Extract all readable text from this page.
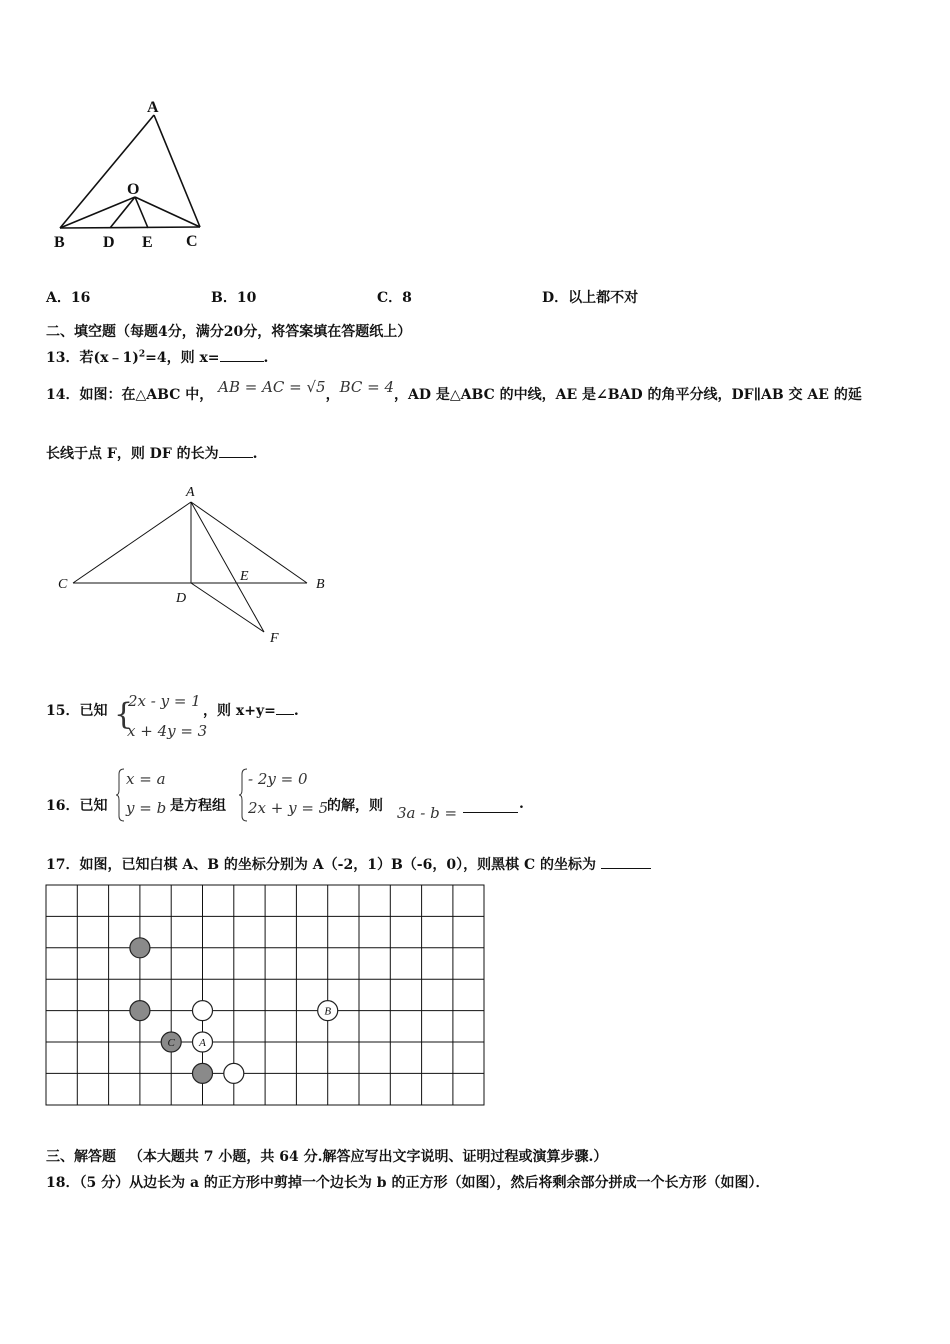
A
O
B D E C
A．16	B．10	C．8	D．以上都不对
二、填空题（每题4分，满分20分，将答案填在答题纸上）
13．若(x﹣1)$^2$=4，则 x=	.
14．如图：在△ABC 中， AB = AC = √5，BC = 4，AD 是△ABC 的中线，AE 是∠BAD 的角平分线，DF∥AB 交 AE 的延
长线于点 F，则 DF 的长为 .
A
C	B
D
E
F
15．已知 {
2x - y = 1
x + 4y = 3
，则 x+y= .
16．已知
x = a
y = b 是方程组
- 2y = 0
2x + y = 5
的解，则 3a - b =	.
17．如图，已知白棋 A、B 的坐标分别为 A（-2，1）B（-6，0），则黑棋 C 的坐标为
B
C A
三、解答题 （本大题共 7 小题，共 64 分.解答应写出文字说明、证明过程或演算步骤.）
18．（5 分）从边长为 a 的正方形中剪掉一个边长为 b 的正方形（如图），然后将剩余部分拼成一个长方形（如图）．
